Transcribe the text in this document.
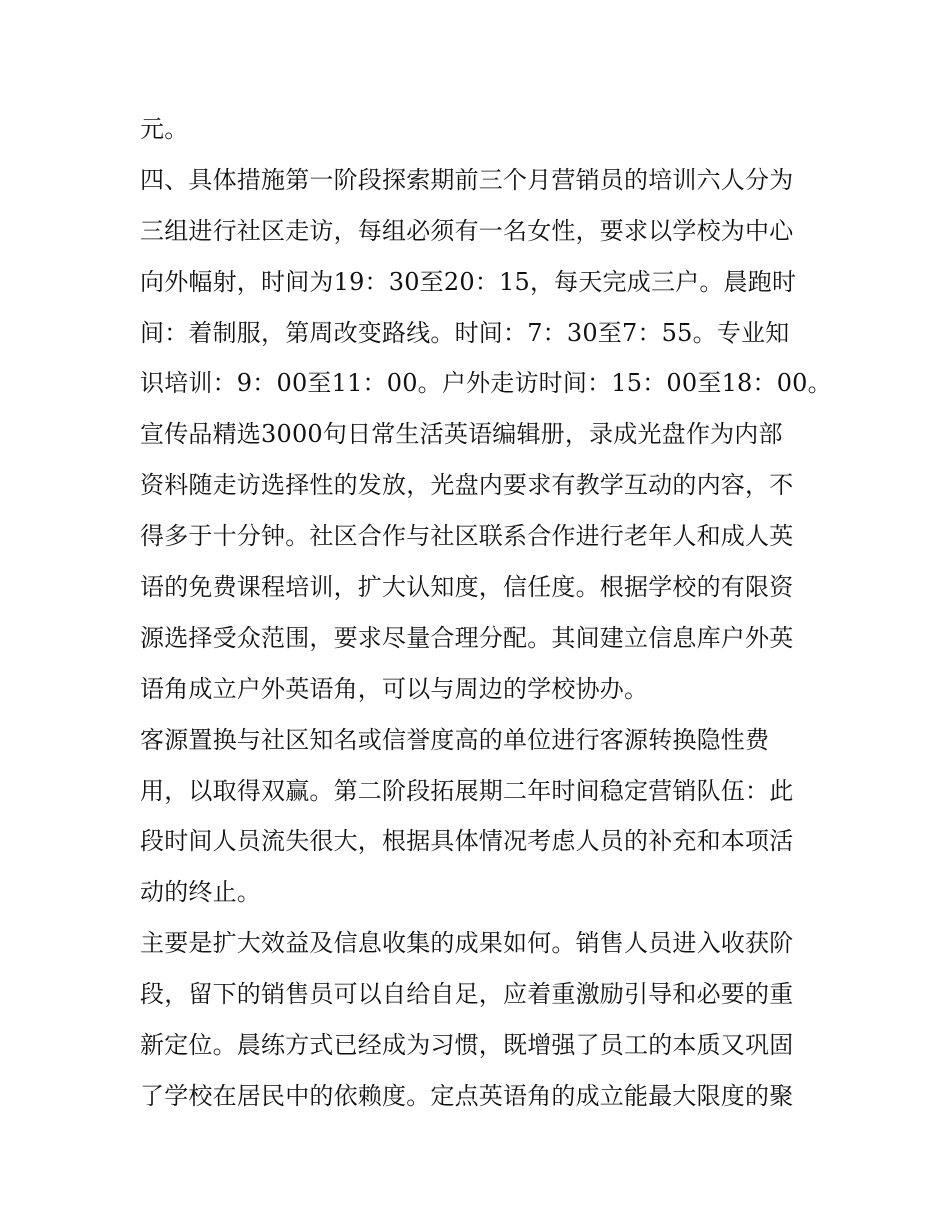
元。
四、具体措施第一阶段探索期前三个月营销员的培训六人分为
三组进行社区走访，每组必须有一名女性，要求以学校为中心
向外幅射，时间为19：30至20：15，每天完成三户。晨跑时
间：着制服，第周改变路线。时间：7：30至7：55。专业知
识培训：9：00至11：00。户外走访时间：15：00至18：00。
宣传品精选3000句日常生活英语编辑册，录成光盘作为内部
资料随走访选择性的发放，光盘内要求有教学互动的内容，不
得多于十分钟。社区合作与社区联系合作进行老年人和成人英
语的免费课程培训，扩大认知度，信任度。根据学校的有限资
源选择受众范围，要求尽量合理分配。其间建立信息库户外英
语角成立户外英语角，可以与周边的学校协办。
客源置换与社区知名或信誉度高的单位进行客源转换隐性费
用，以取得双赢。第二阶段拓展期二年时间稳定营销队伍：此
段时间人员流失很大，根据具体情况考虑人员的补充和本项活
动的终止。
主要是扩大效益及信息收集的成果如何。销售人员进入收获阶
段，留下的销售员可以自给自足，应着重激励引导和必要的重
新定位。晨练方式已经成为习惯，既增强了员工的本质又巩固
了学校在居民中的依赖度。定点英语角的成立能最大限度的聚
